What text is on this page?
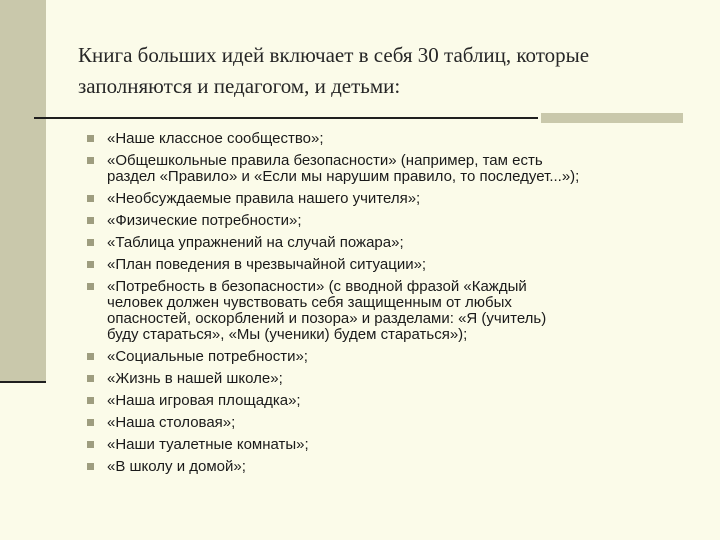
Книга больших идей включает в себя 30 таблиц, которые
заполняются и педагогом, и детьми:
«Наше классное сообщество»;
«Общешкольные правила безопасности» (например, там есть
раздел «Правило» и «Если мы нарушим правило, то последует...»);
«Необсуждаемые правила нашего учителя»;
«Физические потребности»;
«Таблица упражнений на случай пожара»;
«План поведения в чрезвычайной ситуации»;
«Потребность в безопасности» (с вводной фразой «Каждый
человек должен чувствовать себя защищенным от любых
опасностей, оскорблений и позора» и разделами: «Я (учитель)
буду стараться», «Мы (ученики) будем стараться»);
«Социальные потребности»;
«Жизнь в нашей школе»;
«Наша игровая площадка»;
«Наша столовая»;
«Наши туалетные комнаты»;
«В школу и домой»;
